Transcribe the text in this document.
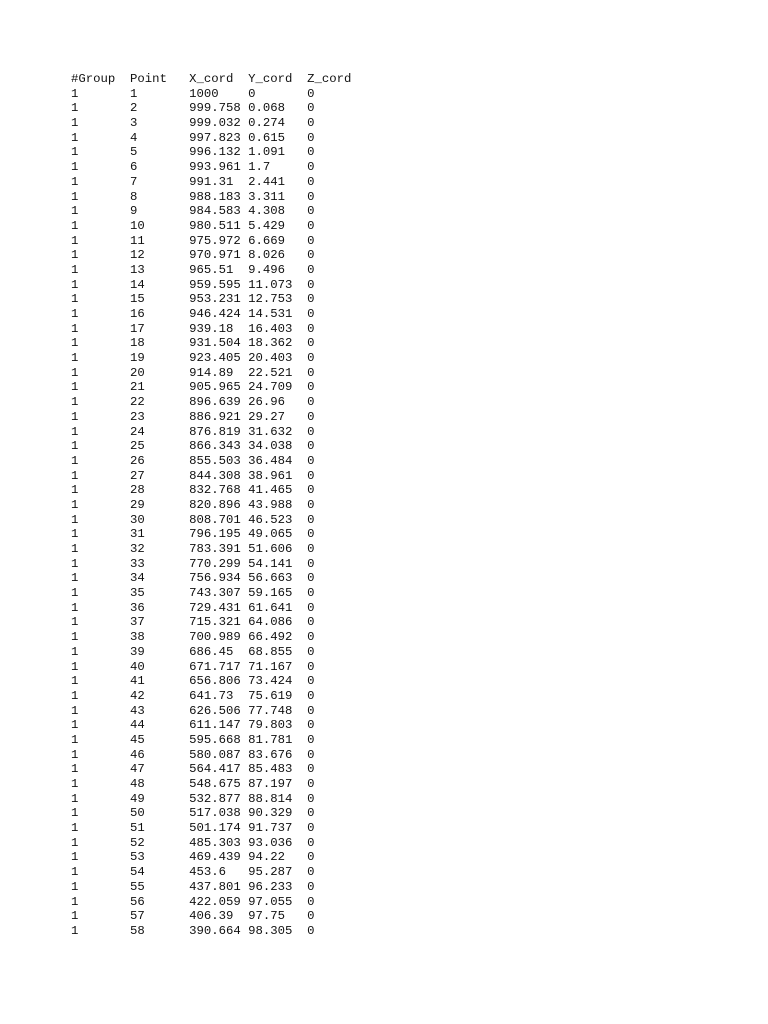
#Group	Point	X_cord	Y_cord	Z_cord
1	1	1000	0	0
1	2	999.758	0.068	0
1	3	999.032	0.274	0
1	4	997.823	0.615	0
1	5	996.132	1.091	0
1	6	993.961	1.7	0
1	7	991.31	2.441	0
1	8	988.183	3.311	0
1	9	984.583	4.308	0
1	10	980.511	5.429	0
1	11	975.972	6.669	0
1	12	970.971	8.026	0
1	13	965.51	9.496	0
1	14	959.595	11.073	0
1	15	953.231	12.753	0
1	16	946.424	14.531	0
1	17	939.18	16.403	0
1	18	931.504	18.362	0
1	19	923.405	20.403	0
1	20	914.89	22.521	0
1	21	905.965	24.709	0
1	22	896.639	26.96	0
1	23	886.921	29.27	0
1	24	876.819	31.632	0
1	25	866.343	34.038	0
1	26	855.503	36.484	0
1	27	844.308	38.961	0
1	28	832.768	41.465	0
1	29	820.896	43.988	0
1	30	808.701	46.523	0
1	31	796.195	49.065	0
1	32	783.391	51.606	0
1	33	770.299	54.141	0
1	34	756.934	56.663	0
1	35	743.307	59.165	0
1	36	729.431	61.641	0
1	37	715.321	64.086	0
1	38	700.989	66.492	0
1	39	686.45	68.855	0
1	40	671.717	71.167	0
1	41	656.806	73.424	0
1	42	641.73	75.619	0
1	43	626.506	77.748	0
1	44	611.147	79.803	0
1	45	595.668	81.781	0
1	46	580.087	83.676	0
1	47	564.417	85.483	0
1	48	548.675	87.197	0
1	49	532.877	88.814	0
1	50	517.038	90.329	0
1	51	501.174	91.737	0
1	52	485.303	93.036	0
1	53	469.439	94.22	0
1	54	453.6	95.287	0
1	55	437.801	96.233	0
1	56	422.059	97.055	0
1	57	406.39	97.75	0
1	58	390.664	98.305	0
